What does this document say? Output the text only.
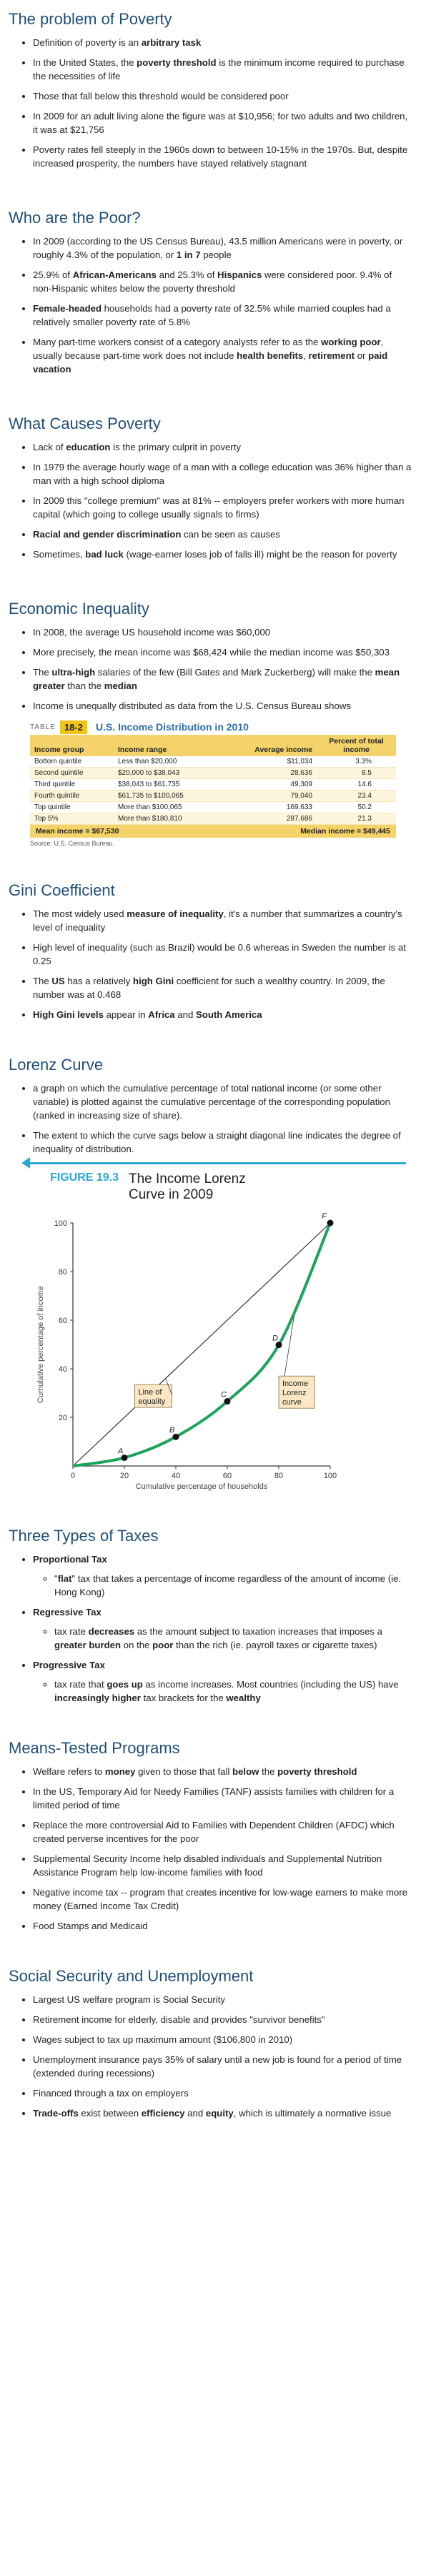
The problem of Poverty
• Definition of poverty is an arbitrary task
• In the United States, the poverty threshold is the minimum income required to purchase the necessities of life
• Those that fall below this threshold would be considered poor
• In 2009 for an adult living alone the figure was at $10,956; for two adults and two children, it was at $21,756
• Poverty rates fell steeply in the 1960s down to between 10-15% in the 1970s. But, despite increased prosperity, the numbers have stayed relatively stagnant
Who are the Poor?
• In 2009 (according to the US Census Bureau), 43.5 million Americans were in poverty, or roughly 4.3% of the population, or 1 in 7 people
• 25.9% of African-Americans and 25.3% of Hispanics were considered poor. 9.4% of non-Hispanic whites below the poverty threshold
• Female-headed households had a poverty rate of 32.5% while married couples had a relatively smaller poverty rate of 5.8%
• Many part-time workers consist of a category analysts refer to as the working poor, usually because part-time work does not include health benefits, retirement or paid vacation
What Causes Poverty
• Lack of education is the primary culprit in poverty
• In 1979 the average hourly wage of a man with a college education was 36% higher than a man with a high school diploma
• In 2009 this "college premium" was at 81% -- employers prefer workers with more human capital (which going to college usually signals to firms)
• Racial and gender discrimination can be seen as causes
• Sometimes, bad luck (wage-earner loses job of falls ill) might be the reason for poverty
Economic Inequality
• In 2008, the average US household income was $60,000
• More precisely, the mean income was $68,424 while the median income was $50,303
• The ultra-high salaries of the few (Bill Gates and Mark Zuckerberg) will make the mean greater than the median
• Income is unequally distributed as data from the U.S. Census Bureau shows
TABLE 18-2	U.S. Income Distribution in 2010
Income group	Income range	Average income	Percent of total income
Bottom quintile	Less than $20,000	$11,034	3.3%
Second quintile	$20,000 to $38,043	28,636	8.5
Third quintile	$38,043 to $61,735	49,309	14.6
Fourth quintile	$61,735 to $100,065	79,040	23.4
Top quintile	More than $100,065	169,633	50.2
Top 5%	More than $180,810	287,686	21.3
Mean income = $67,530	Median income = $49,445
Source: U.S. Census Bureau.
Gini Coefficient
• The most widely used measure of inequality, it's a number that summarizes a country's level of inequality
• High level of inequality (such as Brazil) would be 0.6 whereas in Sweden the number is at 0.25
• The US has a relatively high Gini coefficient for such a wealthy country. In 2009, the number was at 0.468
• High Gini levels appear in Africa and South America
Lorenz Curve
• a graph on which the cumulative percentage of total national income (or some other variable) is plotted against the cumulative percentage of the corresponding population (ranked in increasing size of share).
• The extent to which the curve sags below a straight diagonal line indicates the degree of inequality of distribution.
FIGURE 19.3 The Income Lorenz Curve in 2009
0	20	40	60	80	100
20
40
60
80
100
Cumulative percentage of households
Cumulative percentage of income
A
B
C
D
F
Line of
equality
Income
Lorenz
curve
Three Types of Taxes
• Proportional Tax
◦ "flat" tax that takes a percentage of income regardless of the amount of income (ie. Hong Kong)
• Regressive Tax
◦ tax rate decreases as the amount subject to taxation increases that imposes a greater burden on the poor than the rich (ie. payroll taxes or cigarette taxes)
• Progressive Tax
◦ tax rate that goes up as income increases. Most countries (including the US) have increasingly higher tax brackets for the wealthy
Means-Tested Programs
• Welfare refers to money given to those that fall below the poverty threshold
• In the US, Temporary Aid for Needy Families (TANF) assists families with children for a limited period of time
• Replace the more controversial Aid to Families with Dependent Children (AFDC) which created perverse incentives for the poor
• Supplemental Security Income help disabled individuals and Supplemental Nutrition Assistance Program help low-income families with food
• Negative income tax -- program that creates incentive for low-wage earners to make more money (Earned Income Tax Credit)
• Food Stamps and Medicaid
Social Security and Unemployment
• Largest US welfare program is Social Security
• Retirement income for elderly, disable and provides "survivor benefits"
• Wages subject to tax up maximum amount ($106,800 in 2010)
• Unemployment insurance pays 35% of salary until a new job is found for a period of time (extended during recessions)
• Financed through a tax on employers
• Trade-offs exist between efficiency and equity, which is ultimately a normative issue
